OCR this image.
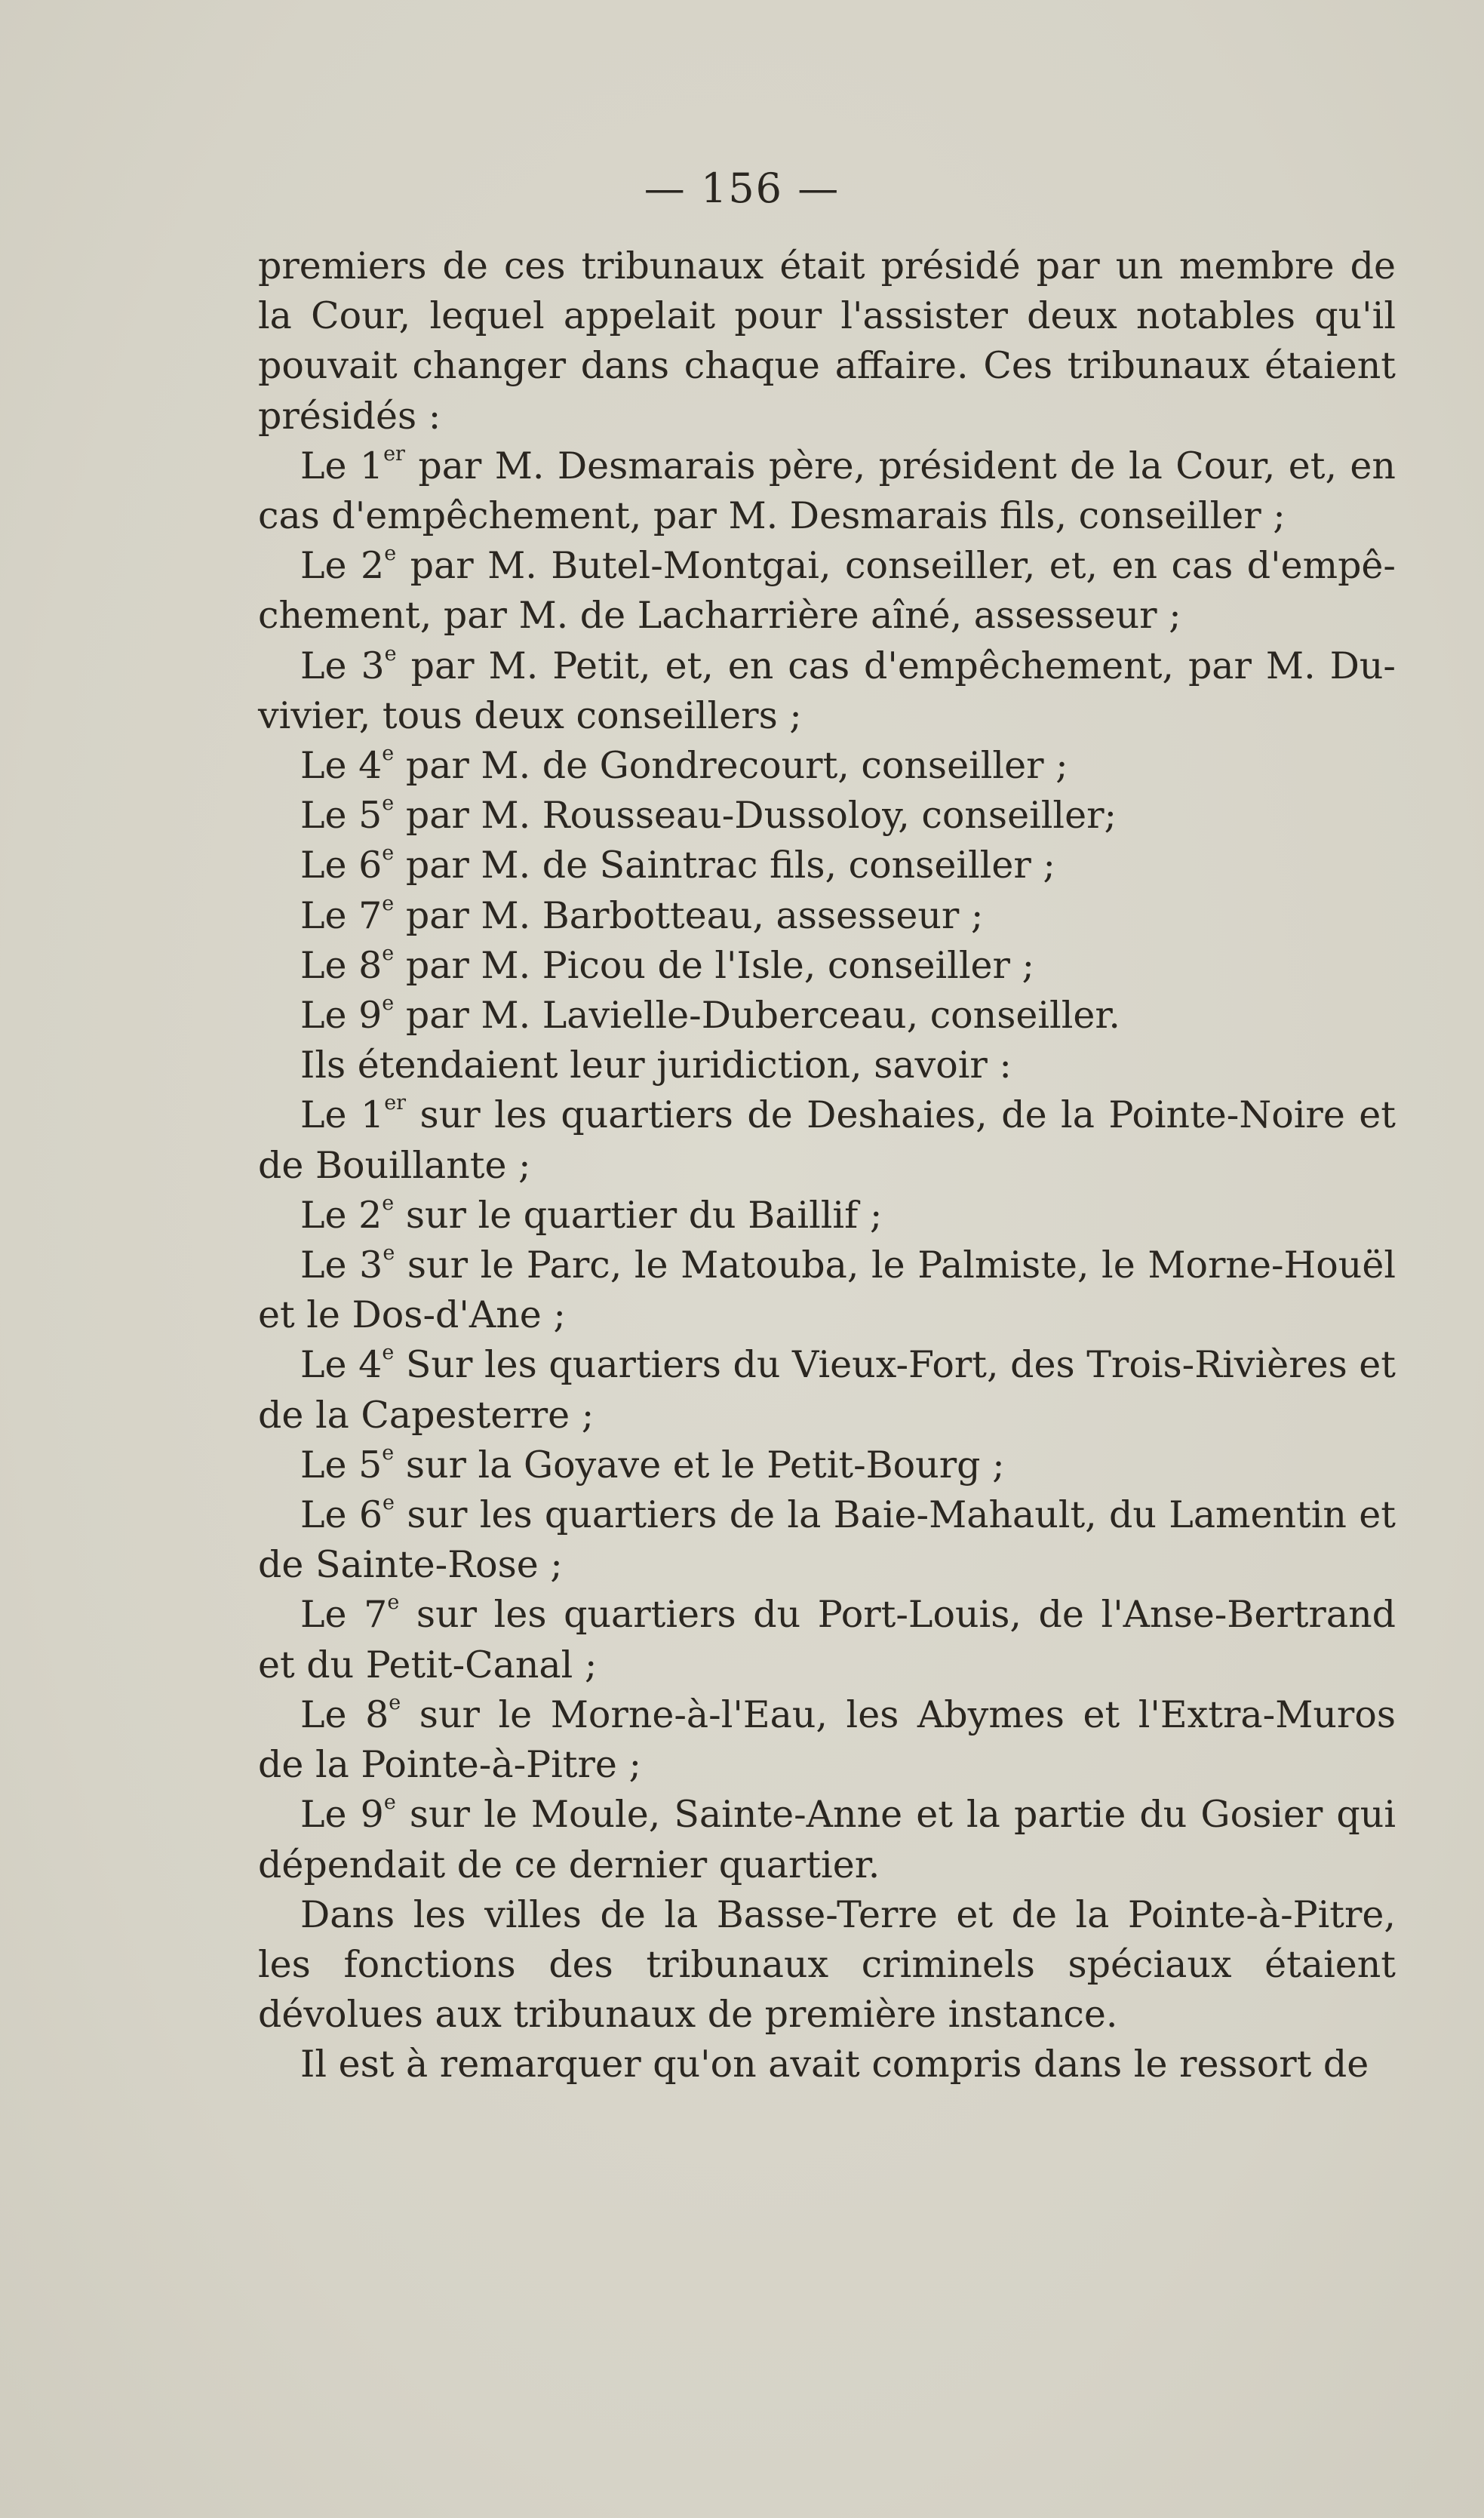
— 156 —

premiers de ces tribunaux était présidé par un membre de la Cour, lequel appelait pour l'assister deux notables qu'il pouvait changer dans chaque affaire. Ces tribunaux étaient présidés :

Le 1er par M. Desmarais père, président de la Cour, et, en cas d'empêchement, par M. Desmarais fils, conseiller ;

Le 2e par M. Butel-Montgai, conseiller, et, en cas d'empê-chement, par M. de Lacharrière aîné, assesseur ;

Le 3e par M. Petit, et, en cas d'empêchement, par M. Du-vivier, tous deux conseillers ;

Le 4e par M. de Gondrecourt, conseiller ;

Le 5e par M. Rousseau-Dussoloy, conseiller;

Le 6e par M. de Saintrac fils, conseiller ;

Le 7e par M. Barbotteau, assesseur ;

Le 8e par M. Picou de l'Isle, conseiller ;

Le 9e par M. Lavielle-Duberceau, conseiller.

Ils étendaient leur juridiction, savoir :

Le 1er sur les quartiers de Deshaies, de la Pointe-Noire et de Bouillante ;

Le 2e sur le quartier du Baillif ;

Le 3e sur le Parc, le Matouba, le Palmiste, le Morne-Houël et le Dos-d'Ane ;

Le 4e Sur les quartiers du Vieux-Fort, des Trois-Rivières et de la Capesterre ;

Le 5e sur la Goyave et le Petit-Bourg ;

Le 6e sur les quartiers de la Baie-Mahault, du Lamentin et de Sainte-Rose ;

Le 7e sur les quartiers du Port-Louis, de l'Anse-Bertrand et du Petit-Canal ;

Le 8e sur le Morne-à-l'Eau, les Abymes et l'Extra-Muros de la Pointe-à-Pitre ;

Le 9e sur le Moule, Sainte-Anne et la partie du Gosier qui dépendait de ce dernier quartier.

Dans les villes de la Basse-Terre et de la Pointe-à-Pitre, les fonctions des tribunaux criminels spéciaux étaient dévolues aux tribunaux de première instance.

Il est à remarquer qu'on avait compris dans le ressort de
